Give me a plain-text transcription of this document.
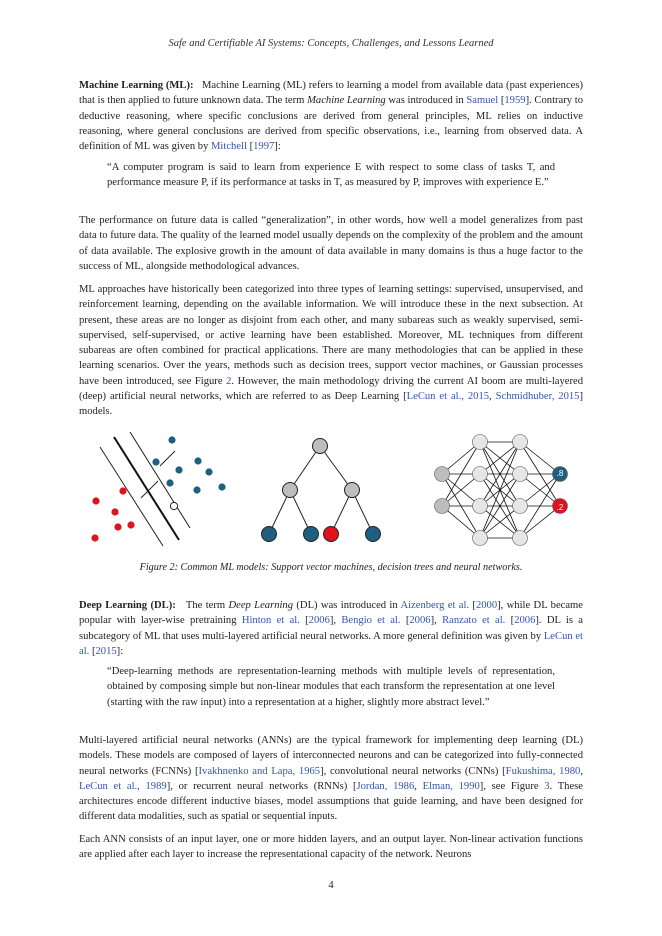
Safe and Certifiable AI Systems: Concepts, Challenges, and Lessons Learned
Machine Learning (ML): Machine Learning (ML) refers to learning a model from available data (past experiences) that is then applied to future unknown data. The term Machine Learning was introduced in Samuel [1959]. Contrary to deductive reasoning, where specific conclusions are derived from general principles, ML relies on inductive reasoning, where general conclusions are derived from specific observations, i.e., learning from observed data. A definition of ML was given by Mitchell [1997]:
“A computer program is said to learn from experience E with respect to some class of tasks T, and performance measure P, if its performance at tasks in T, as measured by P, improves with experience E.”
The performance on future data is called “generalization”, in other words, how well a model generalizes from past data to future data. The quality of the learned model usually depends on the complexity of the problem and the amount of data available. The explosive growth in the amount of data available in many domains is thus a huge factor to the success of ML, alongside methodological advances.
ML approaches have historically been categorized into three types of learning settings: supervised, unsupervised, and reinforcement learning, depending on the available information. We will introduce these in the next subsection. At present, these areas are no longer as disjoint from each other, and many subareas such as weakly supervised, semi-supervised, self-supervised, or active learning have been established. Moreover, ML techniques from different subareas are often combined for practical applications. There are many methodologies that can be applied in these learning scenarios. Over the years, methods such as decision trees, support vector machines, or Gaussian processes have been introduced, see Figure 2. However, the main methodology driving the current AI boom are multi-layered (deep) artificial neural networks, which are referred to as Deep Learning [LeCun et al., 2015, Schmidhuber, 2015] models.
.8
.2
Figure 2: Common ML models: Support vector machines, decision trees and neural networks.
Deep Learning (DL): The term Deep Learning (DL) was introduced in Aizenberg et al. [2000], while DL became popular with layer-wise pretraining Hinton et al. [2006], Bengio et al. [2006], Ranzato et al. [2006]. DL is a subcategory of ML that uses multi-layered artificial neural networks. A more general definition was given by LeCun et al. [2015]:
“Deep-learning methods are representation-learning methods with multiple levels of representation, obtained by composing simple but non-linear modules that each transform the representation at one level (starting with the raw input) into a representation at a higher, slightly more abstract level.”
Multi-layered artificial neural networks (ANNs) are the typical framework for implementing deep learning (DL) models. These models are composed of layers of interconnected neurons and can be categorized into fully-connected neural networks (FCNNs) [Ivakhnenko and Lapa, 1965], convolutional neural networks (CNNs) [Fukushima, 1980, LeCun et al., 1989], or recurrent neural networks (RNNs) [Jordan, 1986, Elman, 1990], see Figure 3. These architectures encode different inductive biases, model assumptions that guide learning, and have been designed for different data modalities, such as spatial or sequential inputs.
Each ANN consists of an input layer, one or more hidden layers, and an output layer. Non-linear activation functions are applied after each layer to increase the representational capacity of the network. Neurons
4
